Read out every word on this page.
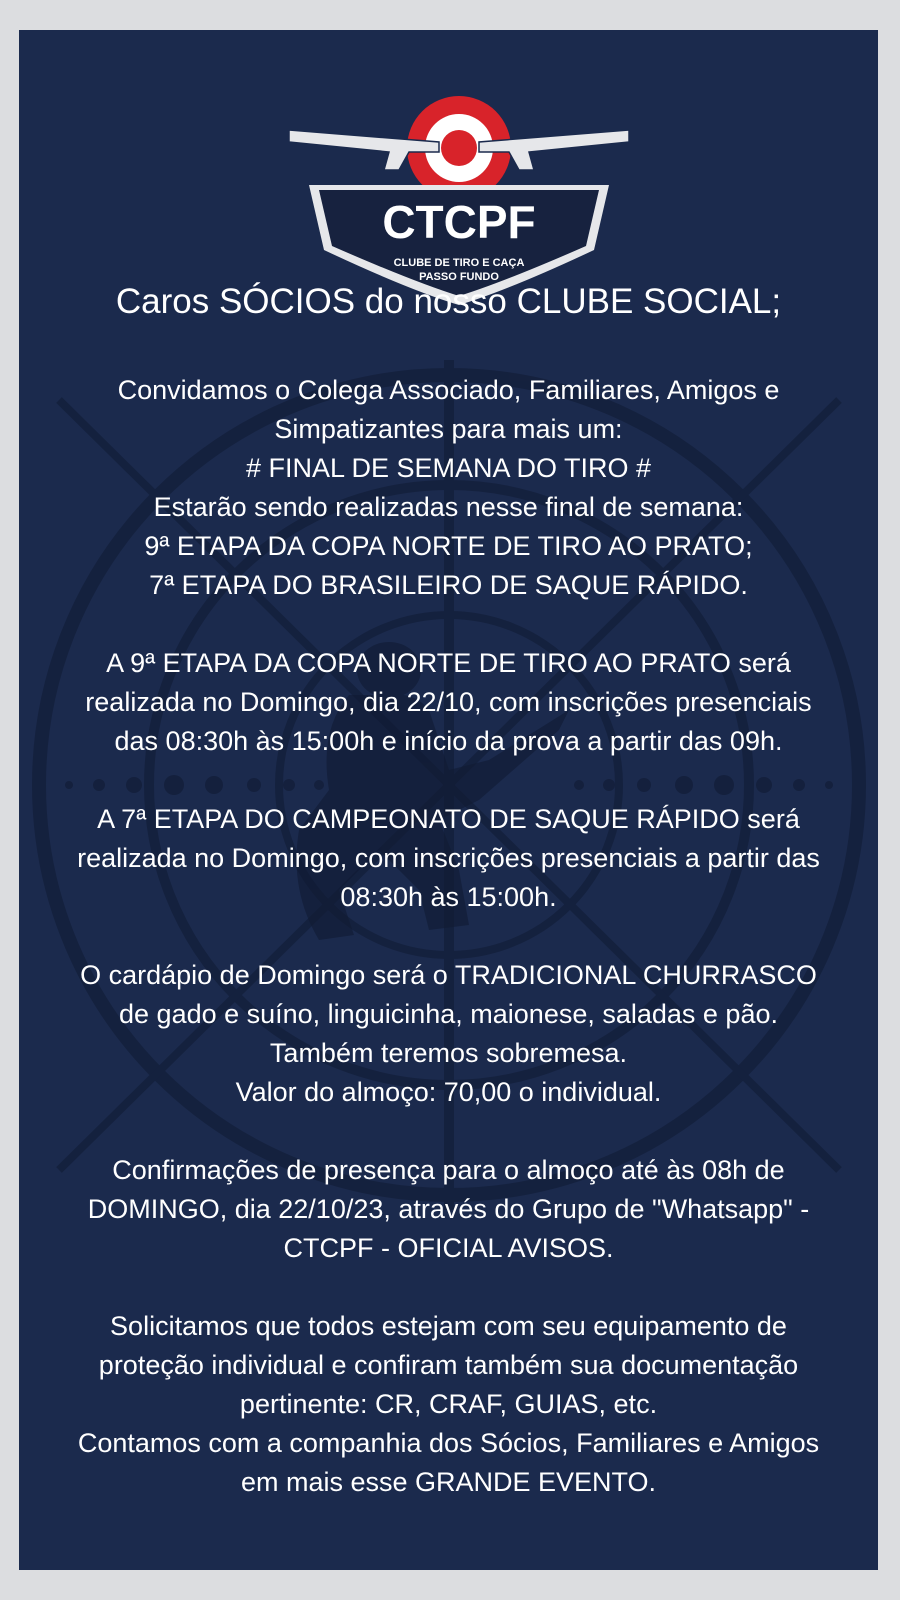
CTCPF
CLUBE DE TIRO E CAÇA
PASSO FUNDO
Caros SÓCIOS do nosso CLUBE SOCIAL;
Convidamos o Colega Associado, Familiares, Amigos e
Simpatizantes para mais um:
# FINAL DE SEMANA DO TIRO #
Estarão sendo realizadas nesse final de semana:
9ª ETAPA DA COPA NORTE DE TIRO AO PRATO;
7ª ETAPA DO BRASILEIRO DE SAQUE RÁPIDO.
A 9ª ETAPA DA COPA NORTE DE TIRO AO PRATO será
realizada no Domingo, dia 22/10, com inscrições presenciais
das 08:30h às 15:00h e início da prova a partir das 09h.
A 7ª ETAPA DO CAMPEONATO DE SAQUE RÁPIDO será
realizada no Domingo, com inscrições presenciais a partir das
08:30h às 15:00h.
O cardápio de Domingo será o TRADICIONAL CHURRASCO
de gado e suíno, linguicinha, maionese, saladas e pão.
Também teremos sobremesa.
Valor do almoço: 70,00 o individual.
Confirmações de presença para o almoço até às 08h de
DOMINGO, dia 22/10/23, através do Grupo de "Whatsapp" -
CTCPF - OFICIAL AVISOS.
Solicitamos que todos estejam com seu equipamento de
proteção individual e confiram também sua documentação
pertinente: CR, CRAF, GUIAS, etc.
Contamos com a companhia dos Sócios, Familiares e Amigos
em mais esse GRANDE EVENTO.
